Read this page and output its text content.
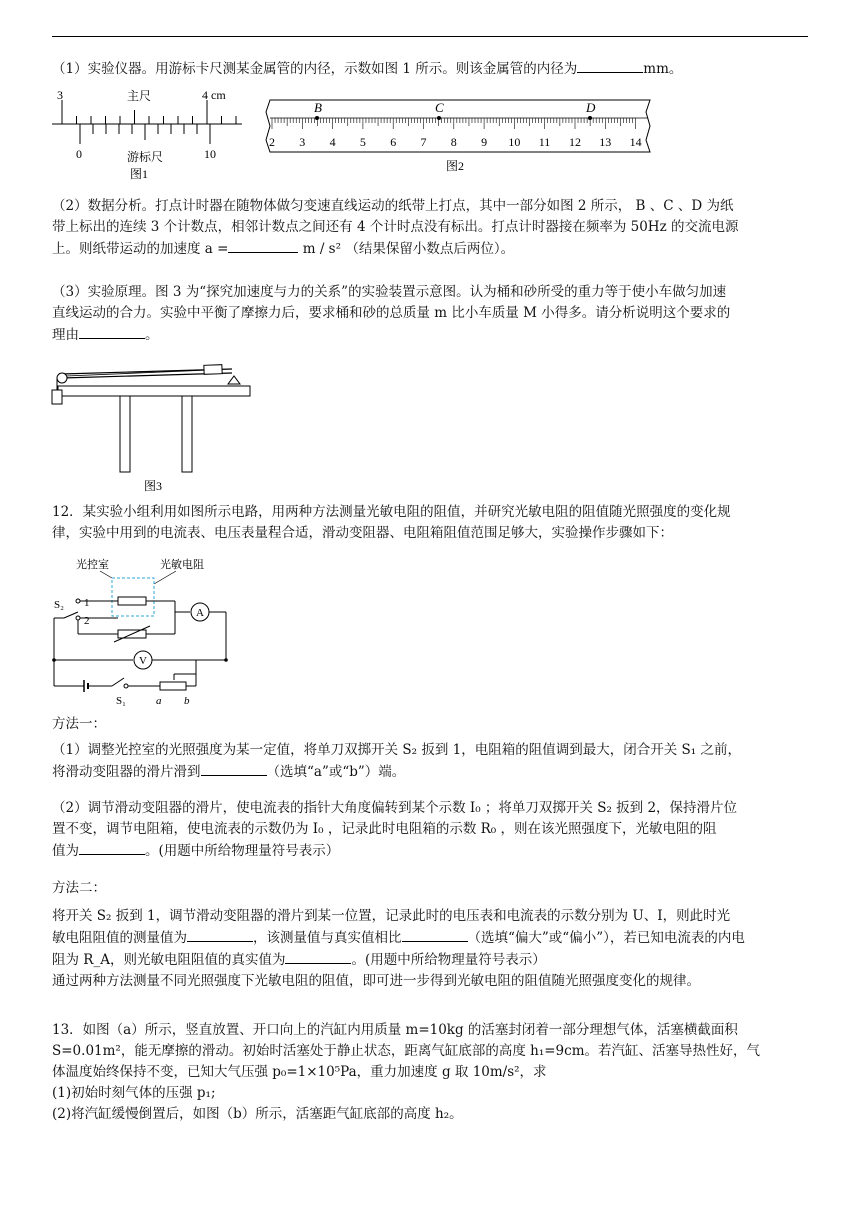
（1）实验仪器。用游标卡尺测某金属管的内径，示数如图 1 所示。则该金属管的内径为	mm。

3	主尺	4 cm
0	游标尺	10
图1
B	C	D
2 3 4 5 6 7 8 9 10 11 12 13 14
图2

（2）数据分析。打点计时器在随物体做匀变速直线运动的纸带上打点，其中一部分如图 2 所示， B 、C 、D 为纸
带上标出的连续 3 个计数点，相邻计数点之间还有 4 个计时点没有标出。打点计时器接在频率为 50Hz 的交流电源
上。则纸带运动的加速度 a =	m / s² （结果保留小数点后两位）。

（3）实验原理。图 3 为“探究加速度与力的关系”的实验装置示意图。认为桶和砂所受的重力等于使小车做匀加速
直线运动的合力。实验中平衡了摩擦力后，要求桶和砂的总质量 m 比小车质量 M 小得多。请分析说明这个要求的
理由	。

图3

12．某实验小组利用如图所示电路，用两种方法测量光敏电阻的阻值，并研究光敏电阻的阻值随光照强度的变化规
律，实验中用到的电流表、电压表量程合适，滑动变阻器、电阻箱阻值范围足够大，实验操作步骤如下：

光控室	光敏电阻
S₂ 1
2
A
V
S₁	a b

方法一：

（1）调整光控室的光照强度为某一定值，将单刀双掷开关 S₂ 扳到 1，电阻箱的阻值调到最大，闭合开关 S₁ 之前，
将滑动变阻器的滑片滑到	（选填“a”或“b”）端。

（2）调节滑动变阻器的滑片，使电流表的指针大角度偏转到某个示数 I₀ ；将单刀双掷开关 S₂ 扳到 2，保持滑片位
置不变，调节电阻箱，使电流表的示数仍为 I₀ ，记录此时电阻箱的示数 R₀ ，则在该光照强度下，光敏电阻的阻
值为	。(用题中所给物理量符号表示）

方法二：

将开关 S₂ 扳到 1，调节滑动变阻器的滑片到某一位置，记录此时的电压表和电流表的示数分别为 U、I，则此时光
敏电阻阻值的测量值为	，该测量值与真实值相比	（选填“偏大”或“偏小”），若已知电流表的内电
阻为 R_A，则光敏电阻阻值的真实值为	。(用题中所给物理量符号表示）
通过两种方法测量不同光照强度下光敏电阻的阻值，即可进一步得到光敏电阻的阻值随光照强度变化的规律。

13．如图（a）所示，竖直放置、开口向上的汽缸内用质量 m=10kg 的活塞封闭着一部分理想气体，活塞横截面积
S=0.01m²，能无摩擦的滑动。初始时活塞处于静止状态，距离气缸底部的高度 h₁=9cm。若汽缸、活塞导热性好，气
体温度始终保持不变，已知大气压强 p₀=1×10⁵Pa，重力加速度 g 取 10m/s²，求
(1)初始时刻气体的压强 p₁;
(2)将汽缸缓慢倒置后，如图（b）所示，活塞距气缸底部的高度 h₂。
